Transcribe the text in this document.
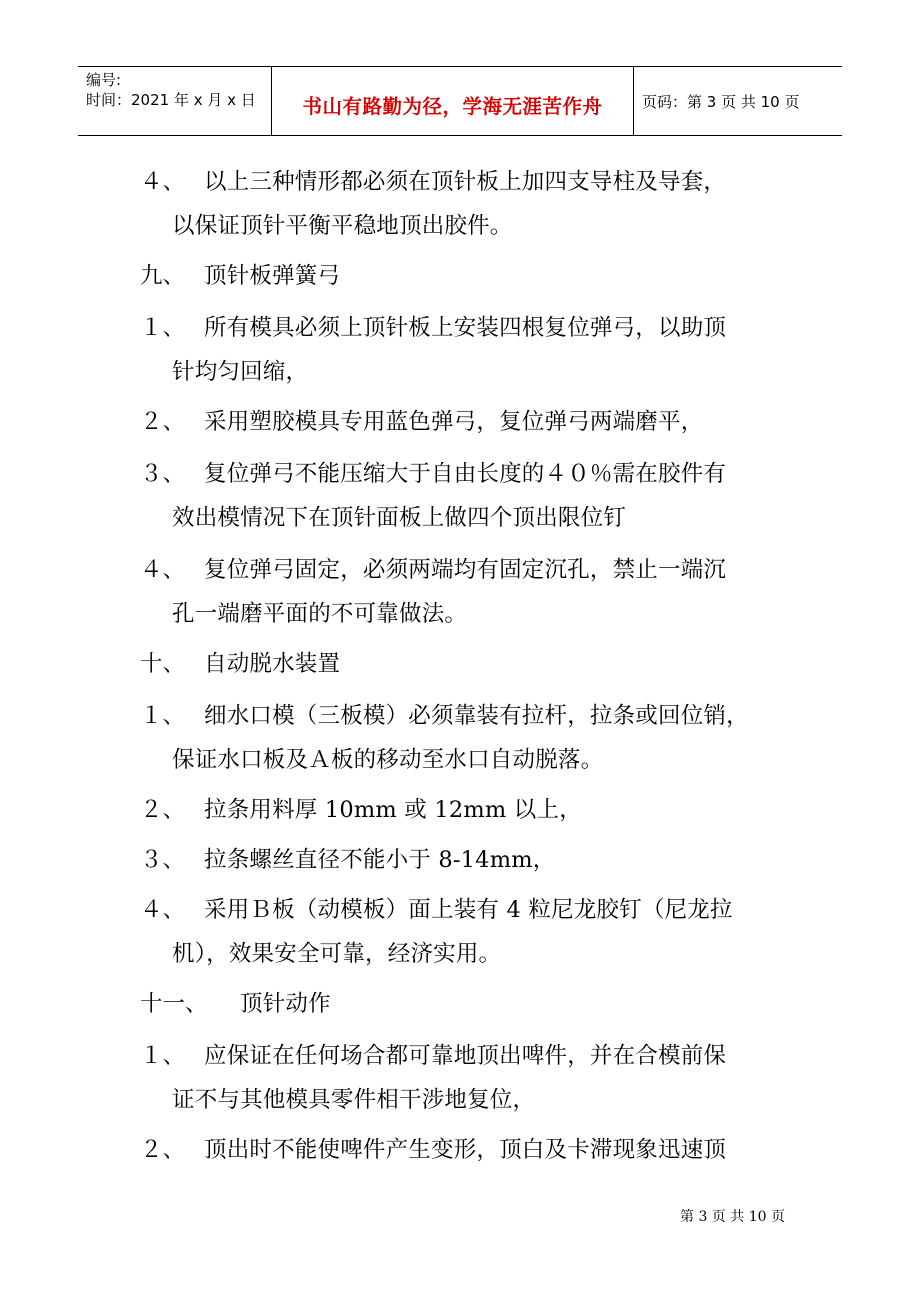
编号:
时间：2021 年 x 月 x 日	书山有路勤为径，学海无涯苦作舟	页码：第 3 页 共 10 页
４、 以上三种情形都必须在顶针板上加四支导柱及导套，
以保证顶针平衡平稳地顶出胶件。
九、 顶针板弹簧弓
１、 所有模具必须上顶针板上安装四根复位弹弓，以助顶
针均匀回缩，
２、 采用塑胶模具专用蓝色弹弓，复位弹弓两端磨平，
３、 复位弹弓不能压缩大于自由长度的４０％需在胶件有
效出模情况下在顶针面板上做四个顶出限位钉
４、 复位弹弓固定，必须两端均有固定沉孔，禁止一端沉
孔一端磨平面的不可靠做法。
十、 自动脱水装置
１、 细水口模（三板模）必须靠装有拉杆，拉条或回位销，
保证水口板及Ａ板的移动至水口自动脱落。
２、 拉条用料厚 10mm 或 12mm 以上，
３、 拉条螺丝直径不能小于 8-14mm，
４、 采用Ｂ板（动模板）面上装有 4 粒尼龙胶钉（尼龙拉
机），效果安全可靠，经济实用。
十一、 顶针动作
１、 应保证在任何场合都可靠地顶出啤件，并在合模前保
证不与其他模具零件相干涉地复位，
２、 顶出时不能使啤件产生变形，顶白及卡滞现象迅速顶
第 3 页 共 10 页
